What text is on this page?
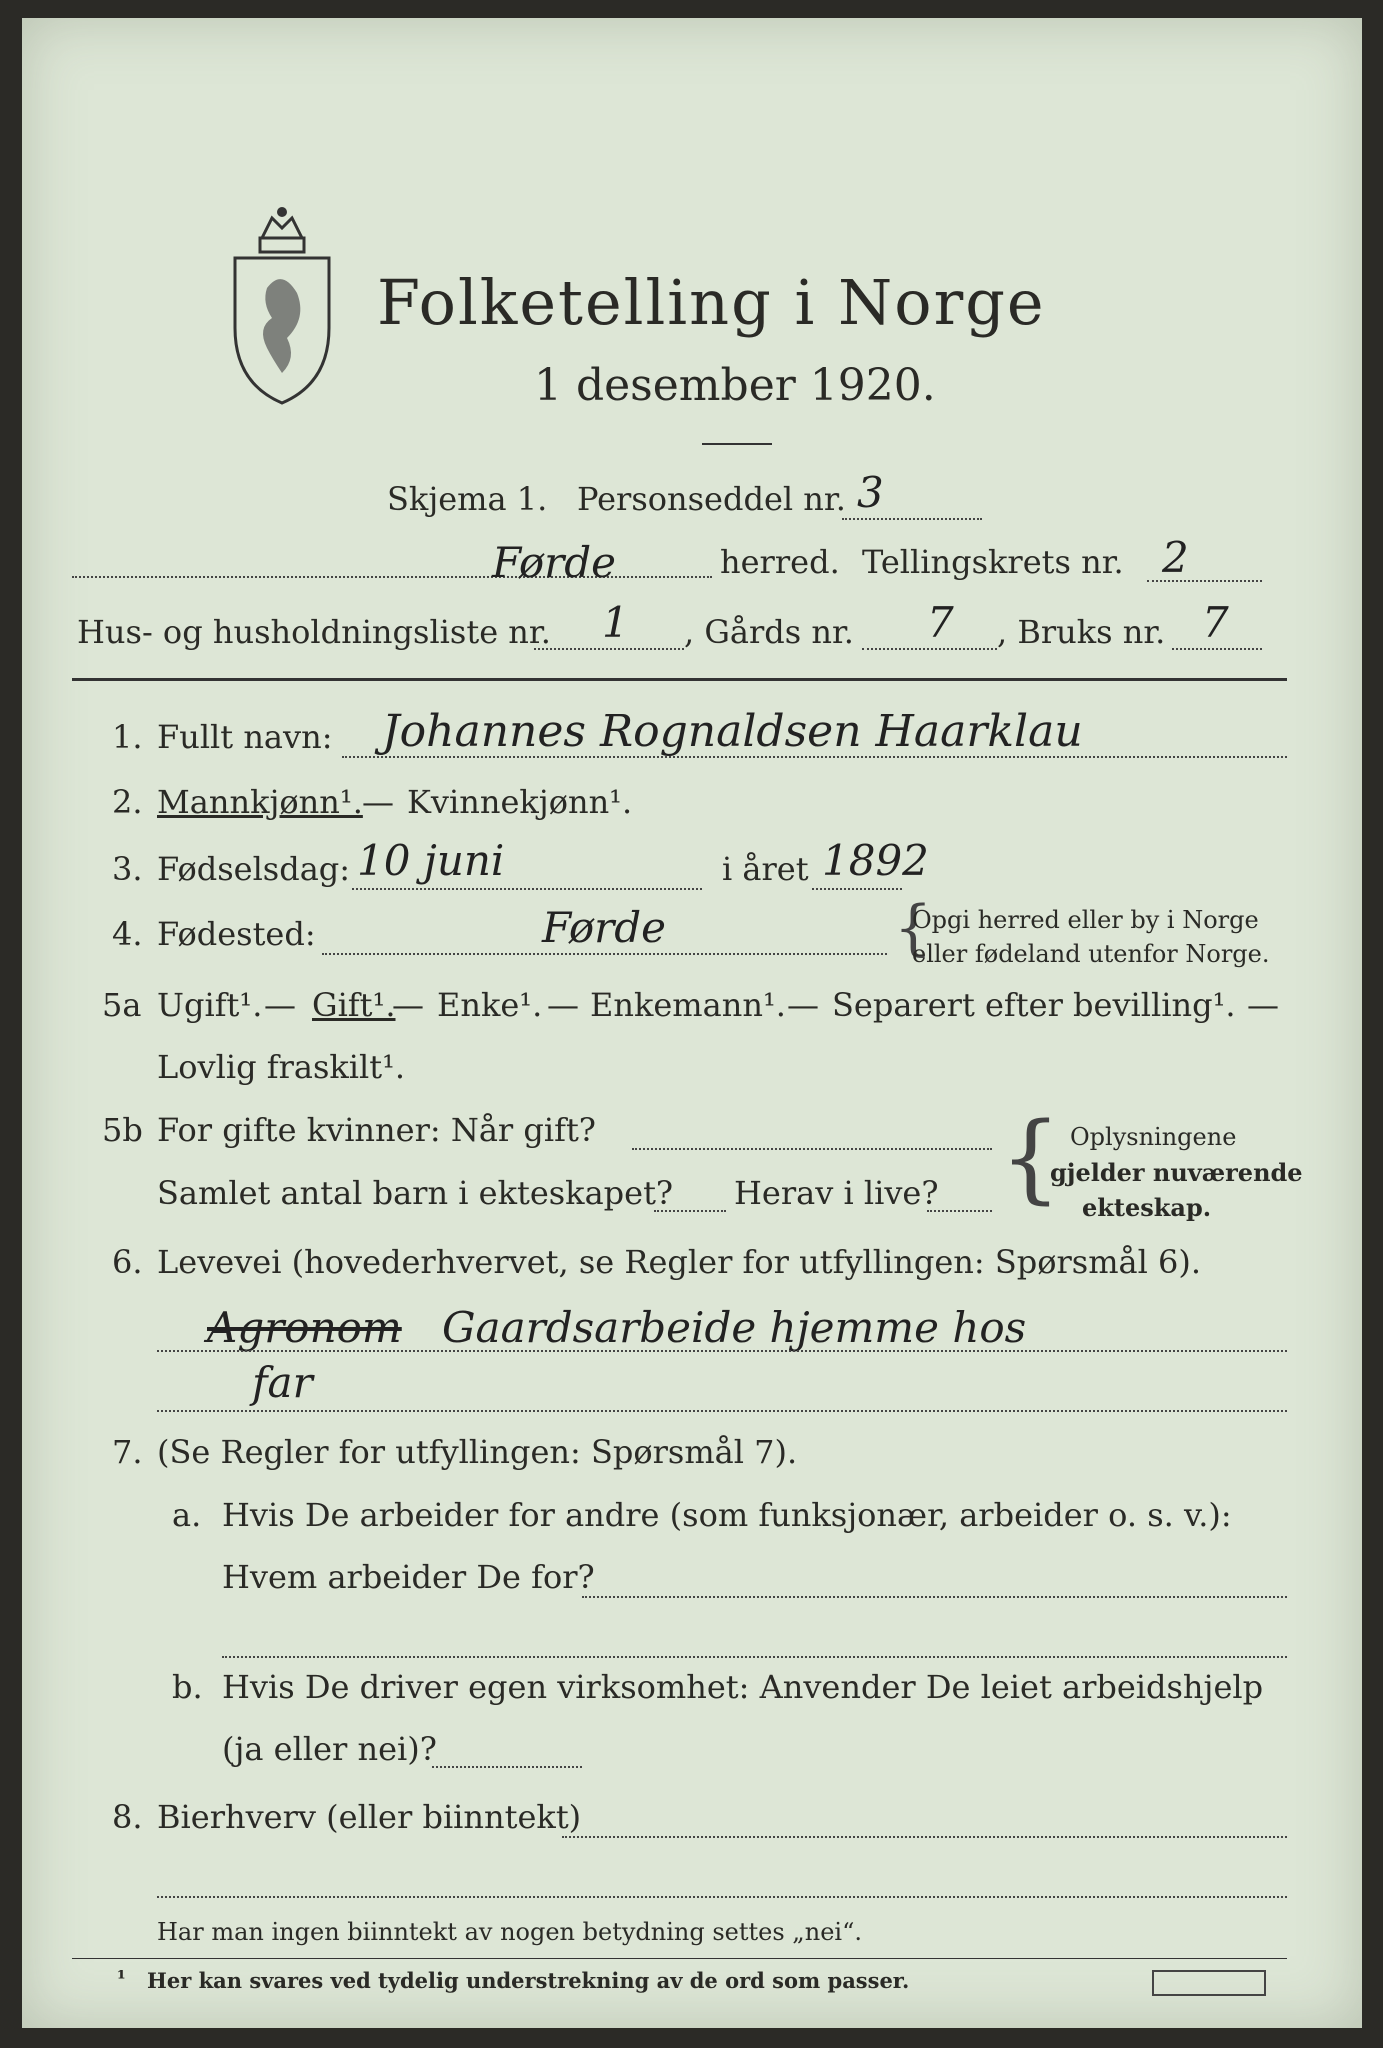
Folketelling i Norge
1 desember 1920.
Skjema 1. Personseddel nr. 3
Førde	herred. Tellingskrets nr. 2
Hus- og husholdningsliste nr. 1 , Gårds nr. 7 , Bruks nr. 7
1. Fullt navn: Johannes Rognaldsen Haarklau
2. Mannkjønn¹. — Kvinnekjønn¹.
3. Fødselsdag: 10 juni	i året 1892
4. Fødested:	Førde	{
Opgi herred eller by i Norge
eller fødeland utenfor Norge.
5a Ugift¹. — Gift¹.
— Enke¹. — Enkemann¹. — Separert efter bevilling¹. —
Lovlig fraskilt¹.
5b For gifte kvinner: Når gift?
Samlet antal barn i ekteskapet? Herav i live? { Oplysningene
gjelder nuværende
ekteskap.
6. Levevei (hovederhvervet, se Regler for utfyllingen: Spørsmål 6).
Agronom Gaardsarbeide hjemme hos
far
7. (Se Regler for utfyllingen: Spørsmål 7).
a. Hvis De arbeider for andre (som funksjonær, arbeider o. s. v.):
Hvem arbeider De for?
b. Hvis De driver egen virksomhet: Anvender De leiet arbeidshjelp
(ja eller nei)?
8. Bierhverv (eller biinntekt)
Har man ingen biinntekt av nogen betydning settes „nei“.
¹ Her kan svares ved tydelig understrekning av de ord som passer.
